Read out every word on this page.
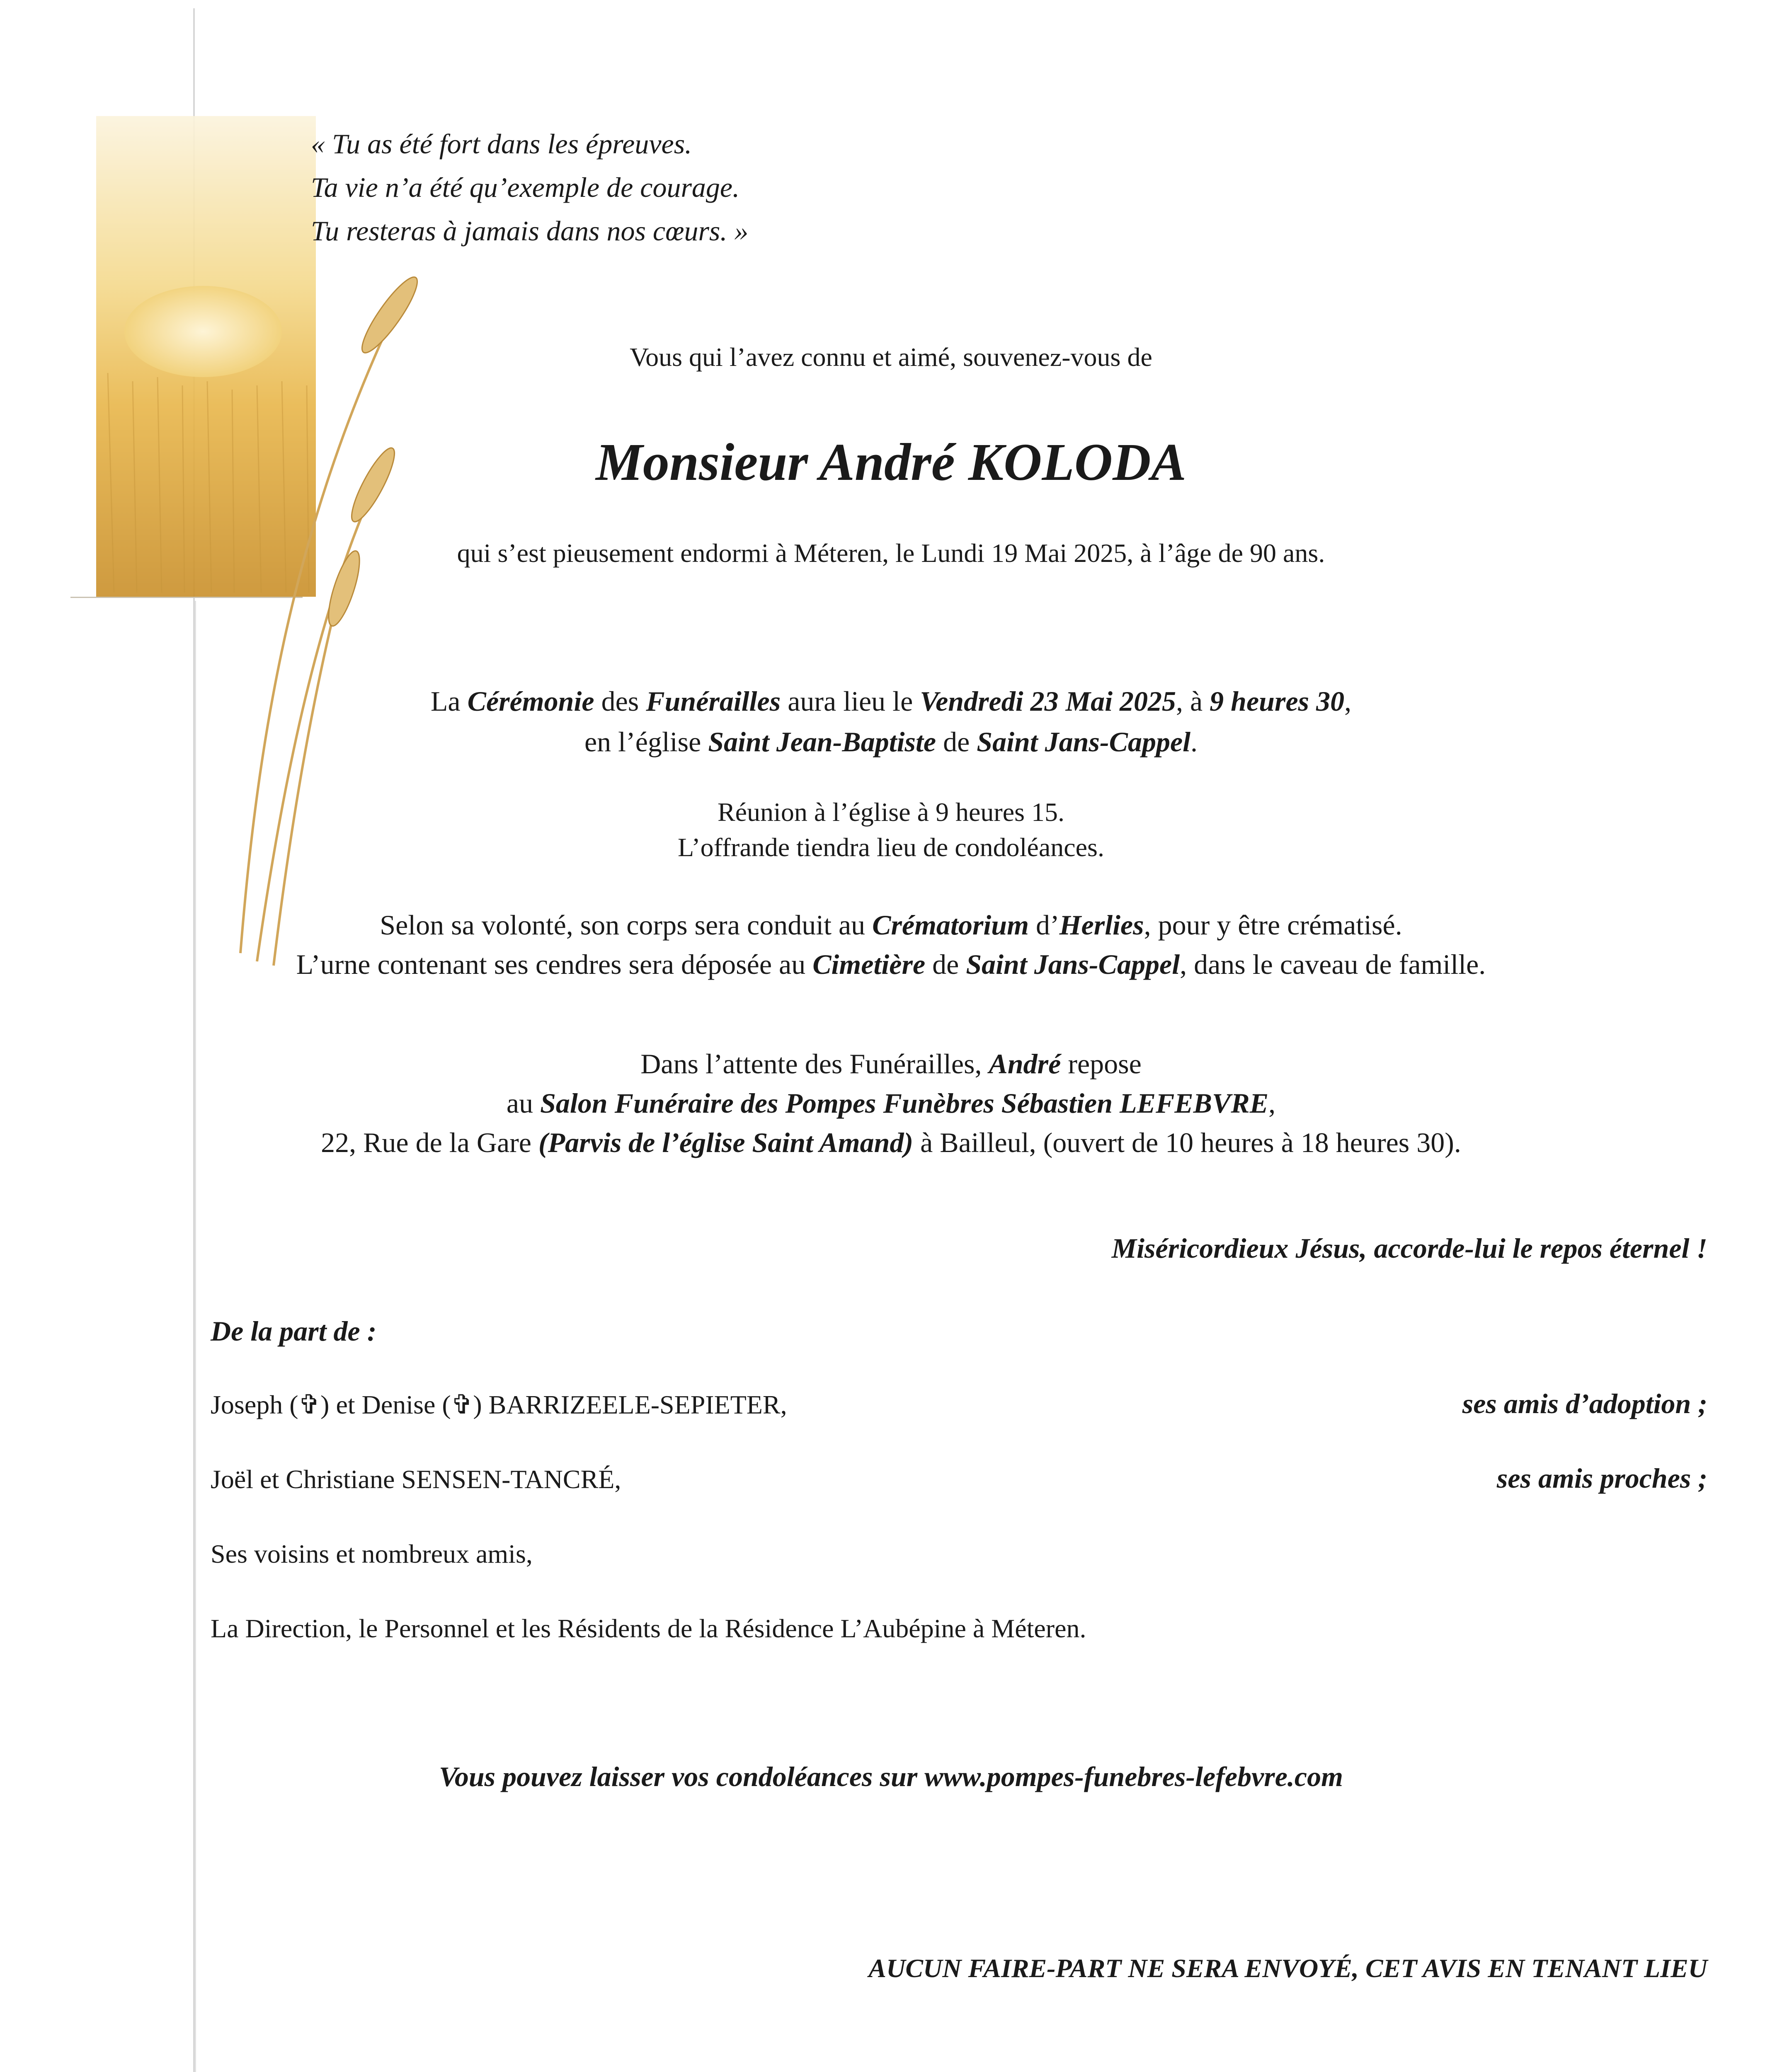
« Tu as été fort dans les épreuves.
Ta vie n’a été qu’exemple de courage.
Tu resteras à jamais dans nos cœurs. »
Vous qui l’avez connu et aimé, souvenez-vous de
Monsieur André KOLODA
qui s’est pieusement endormi à Méteren, le Lundi 19 Mai 2025, à l’âge de 90 ans.
La Cérémonie des Funérailles aura lieu le Vendredi 23 Mai 2025, à 9 heures 30,
en l’église Saint Jean-Baptiste de Saint Jans-Cappel.
Réunion à l’église à 9 heures 15.
L’offrande tiendra lieu de condoléances.
Selon sa volonté, son corps sera conduit au Crématorium d’Herlies, pour y être crématisé.
L’urne contenant ses cendres sera déposée au Cimetière de Saint Jans-Cappel, dans le caveau de famille.
Dans l’attente des Funérailles, André repose
au Salon Funéraire des Pompes Funèbres Sébastien LEFEBVRE,
22, Rue de la Gare (Parvis de l’église Saint Amand) à Bailleul, (ouvert de 10 heures à 18 heures 30).
Miséricordieux Jésus, accorde-lui le repos éternel !
De la part de :
Joseph (✞) et Denise (✞) BARRIZEELE-SEPIETER,	ses amis d’adoption ;
Joël et Christiane SENSEN-TANCRÉ,	ses amis proches ;
Ses voisins et nombreux amis,
La Direction, le Personnel et les Résidents de la Résidence L’Aubépine à Méteren.
Vous pouvez laisser vos condoléances sur www.pompes-funebres-lefebvre.com
AUCUN FAIRE-PART NE SERA ENVOYÉ, CET AVIS EN TENANT LIEU
